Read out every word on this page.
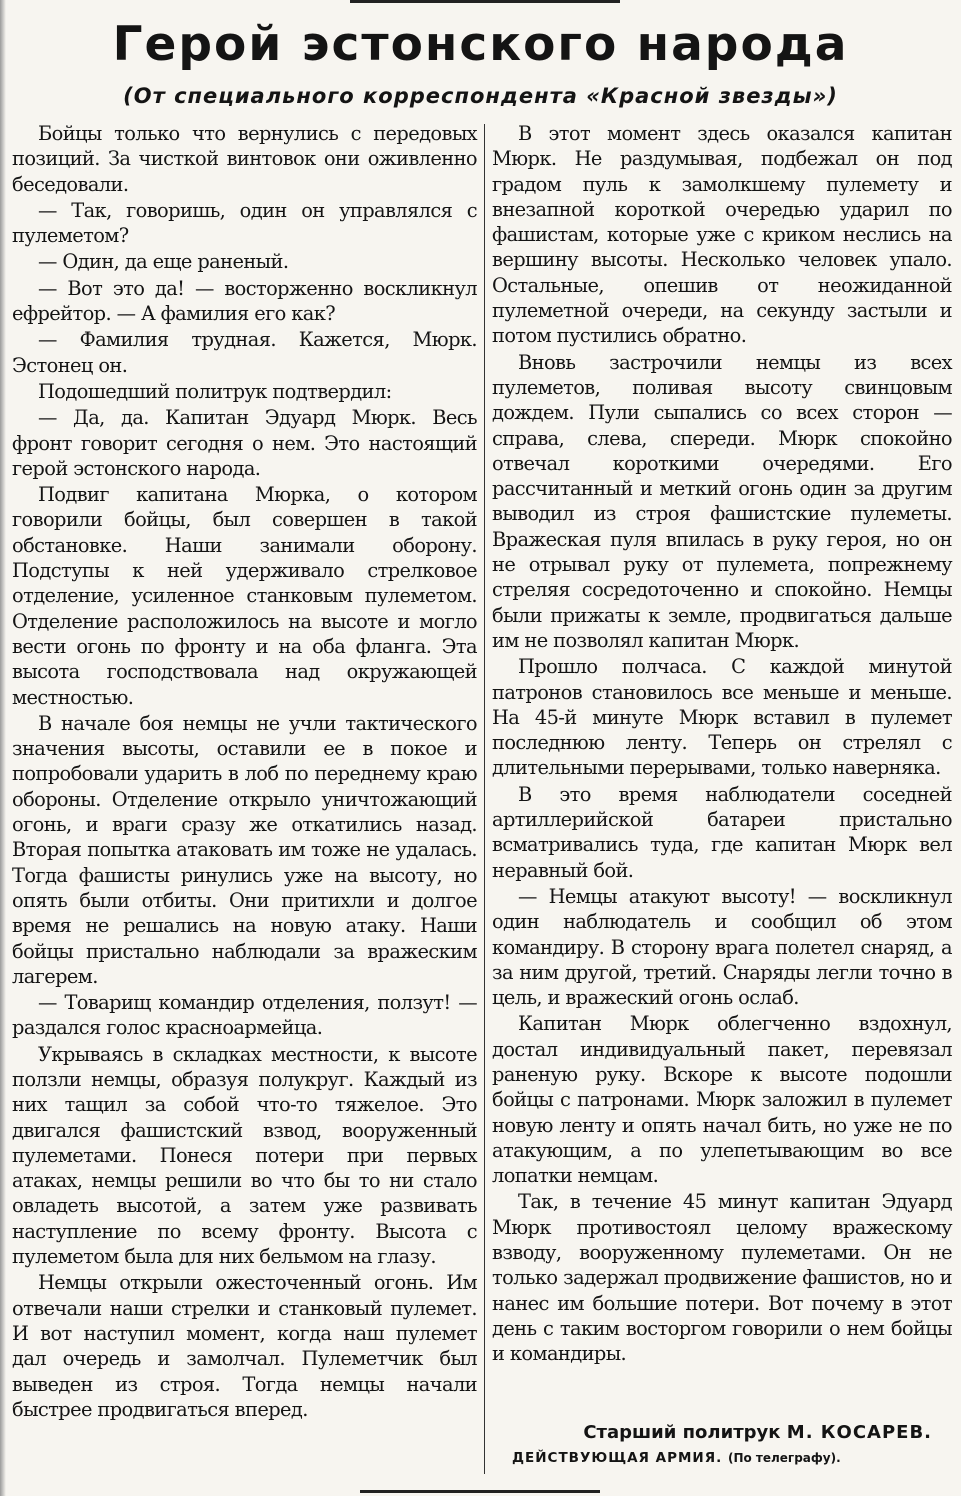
Герой эстонского народа
(От специального корреспондента «Красной звезды»)

Бойцы только что вернулись с передовых позиций. За чисткой винтовок они оживленно беседовали.

— Так, говоришь, один он управлялся с пулеметом?

— Один, да еще раненый.

— Вот это да! — восторженно воскликнул ефрейтор. — А фамилия его как?

— Фамилия трудная. Кажется, Мюрк. Эстонец он.

Подошедший политрук подтвердил:

— Да, да. Капитан Эдуард Мюрк. Весь фронт говорит сегодня о нем. Это настоящий герой эстонского народа.

Подвиг капитана Мюрка, о котором говорили бойцы, был совершен в такой обстановке. Наши занимали оборону. Подступы к ней удерживало стрелковое отделение, усиленное станковым пулеметом. Отделение расположилось на высоте и могло вести огонь по фронту и на оба фланга. Эта высота господствовала над окружающей местностью.

В начале боя немцы не учли тактического значения высоты, оставили ее в покое и попробовали ударить в лоб по переднему краю обороны. Отделение открыло уничтожающий огонь, и враги сразу же откатились назад. Вторая попытка атаковать им тоже не удалась. Тогда фашисты ринулись уже на высоту, но опять были отбиты. Они притихли и долгое время не решались на новую атаку. Наши бойцы пристально наблюдали за вражеским лагерем.

— Товарищ командир отделения, ползут! — раздался голос красноармейца.

Укрываясь в складках местности, к высоте ползли немцы, образуя полукруг. Каждый из них тащил за собой что-то тяжелое. Это двигался фашистский взвод, вооруженный пулеметами. Понеся потери при первых атаках, немцы решили во что бы то ни стало овладеть высотой, а затем уже развивать наступление по всему фронту. Высота с пулеметом была для них бельмом на глазу.

Немцы открыли ожесточенный огонь. Им отвечали наши стрелки и станковый пулемет. И вот наступил момент, когда наш пулемет дал очередь и замолчал. Пулеметчик был выведен из строя. Тогда немцы начали быстрее продвигаться вперед.

В этот момент здесь оказался капитан Мюрк. Не раздумывая, подбежал он под градом пуль к замолкшему пулемету и внезапной короткой очередью ударил по фашистам, которые уже с криком неслись на вершину высоты. Несколько человек упало. Остальные, опешив от неожиданной пулеметной очереди, на секунду застыли и потом пустились обратно.

Вновь застрочили немцы из всех пулеметов, поливая высоту свинцовым дождем. Пули сыпались со всех сторон — справа, слева, спереди. Мюрк спокойно отвечал короткими очередями. Его рассчитанный и меткий огонь один за другим выводил из строя фашистские пулеметы. Вражеская пуля впилась в руку героя, но он не отрывал руку от пулемета, попрежнему стреляя сосредоточенно и спокойно. Немцы были прижаты к земле, продвигаться дальше им не позволял капитан Мюрк.

Прошло полчаса. С каждой минутой патронов становилось все меньше и меньше. На 45-й минуте Мюрк вставил в пулемет последнюю ленту. Теперь он стрелял с длительными перерывами, только наверняка.

В это время наблюдатели соседней артиллерийской батареи пристально всматривались туда, где капитан Мюрк вел неравный бой.

— Немцы атакуют высоту! — воскликнул один наблюдатель и сообщил об этом командиру. В сторону врага полетел снаряд, а за ним другой, третий. Снаряды легли точно в цель, и вражеский огонь ослаб.

Капитан Мюрк облегченно вздохнул, достал индивидуальный пакет, перевязал раненую руку. Вскоре к высоте подошли бойцы с патронами. Мюрк заложил в пулемет новую ленту и опять начал бить, но уже не по атакующим, а по улепетывающим во все лопатки немцам.

Так, в течение 45 минут капитан Эдуард Мюрк противостоял целому вражескому взводу, вооруженному пулеметами. Он не только задержал продвижение фашистов, но и нанес им большие потери. Вот почему в этот день с таким восторгом говорили о нем бойцы и командиры.

Старший политрук М. КОСАРЕВ.
ДЕЙСТВУЮЩАЯ АРМИЯ. (По телеграфу).
